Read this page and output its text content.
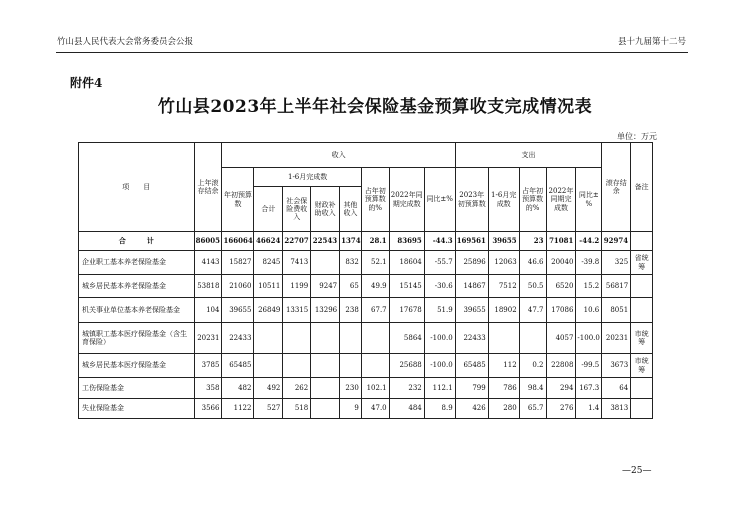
竹山县人民代表大会常务委员会公报	县十九届第十二号
附件4
竹山县2023年上半年社会保险基金预算收支完成情况表
单位：万元
项　　目	上年滚存结余	收入								支出					滚存结余	备注
		年初预算数	1-6月完成数				占年初预算数的%	2022年同期完成数	同比±%	2023年初预算数	1-6月完成数	占年初预算数的%	2022年同期完成数	同比±%		
			合计	社会保险费收入	财政补助收入	其他收入										
合　　　计	86005	166064	46624	22707	22543	1374	28.1	83695	-44.3	169561	39655	23	71081	-44.2	92974	
企业职工基本养老保险基金	4143	15827	8245	7413		832	52.1	18604	-55.7	25896	12063	46.6	20040	-39.8	325	省统筹
城乡居民基本养老保险基金	53818	21060	10511	1199	9247	65	49.9	15145	-30.6	14867	7512	50.5	6520	15.2	56817	
机关事业单位基本养老保险基金	104	39655	26849	13315	13296	238	67.7	17678	51.9	39655	18902	47.7	17086	10.6	8051	
城镇职工基本医疗保险基金（含生育保险）	20231	22433						5864	-100.0	22433			4057	-100.0	20231	市统筹
城乡居民基本医疗保险基金	3785	65485						25688	-100.0	65485	112	0.2	22808	-99.5	3673	市统筹
工伤保险基金	358	482	492	262		230	102.1	232	112.1	799	786	98.4	294	167.3	64	
失业保险基金	3566	1122	527	518		9	47.0	484	8.9	426	280	65.7	276	1.4	3813	
—25—
